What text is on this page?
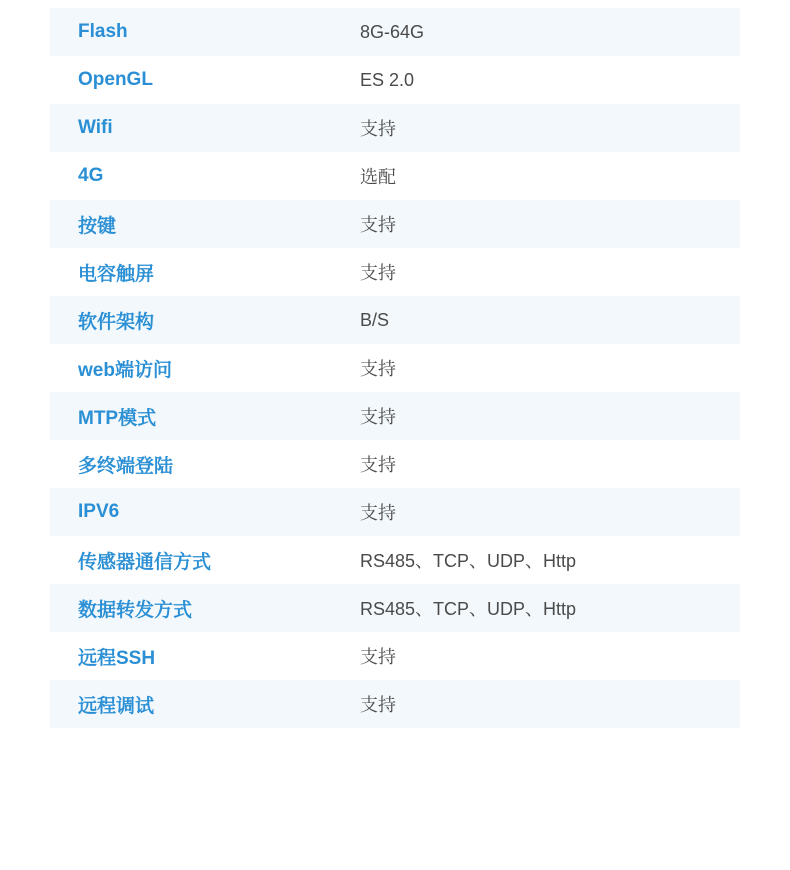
Flash	8G-64G
OpenGL	ES 2.0
Wifi	支持
4G	选配
按键	支持
电容触屏	支持
软件架构	B/S
web端访问	支持
MTP模式	支持
多终端登陆	支持
IPV6	支持
传感器通信方式	RS485、TCP、UDP、Http
数据转发方式	RS485、TCP、UDP、Http
远程SSH	支持
远程调试	支持
